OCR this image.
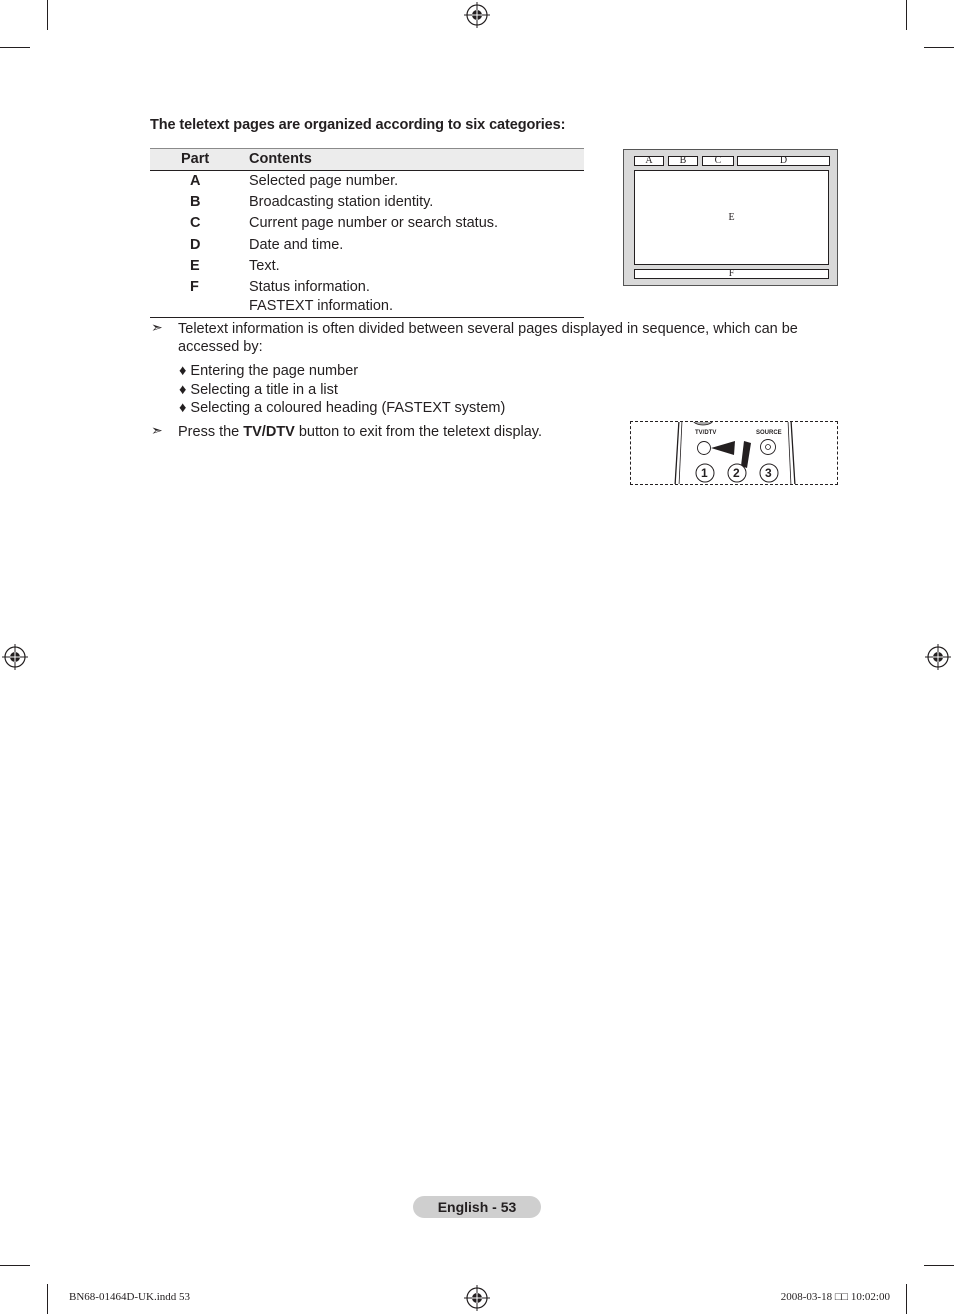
The teletext pages are organized according to six categories:
Part	Contents
A	Selected page number.
B	Broadcasting station identity.
C	Current page number or search status.
D	Date and time.
E	Text.
F	Status information.
FASTEXT information.
A	B	C	D
E
F
➣ Teletext information is often divided between several pages displayed in sequence, which can be
accessed by:
♦ Entering the page number
♦ Selecting a title in a list
♦ Selecting a coloured heading (FASTEXT system)
➣ Press the TV/DTV button to exit from the teletext display.	TV/DTV	SOURCE
1 2 3
English - 53
BN68-01464D-UK.indd 53	2008-03-18 □□ 10:02:00
